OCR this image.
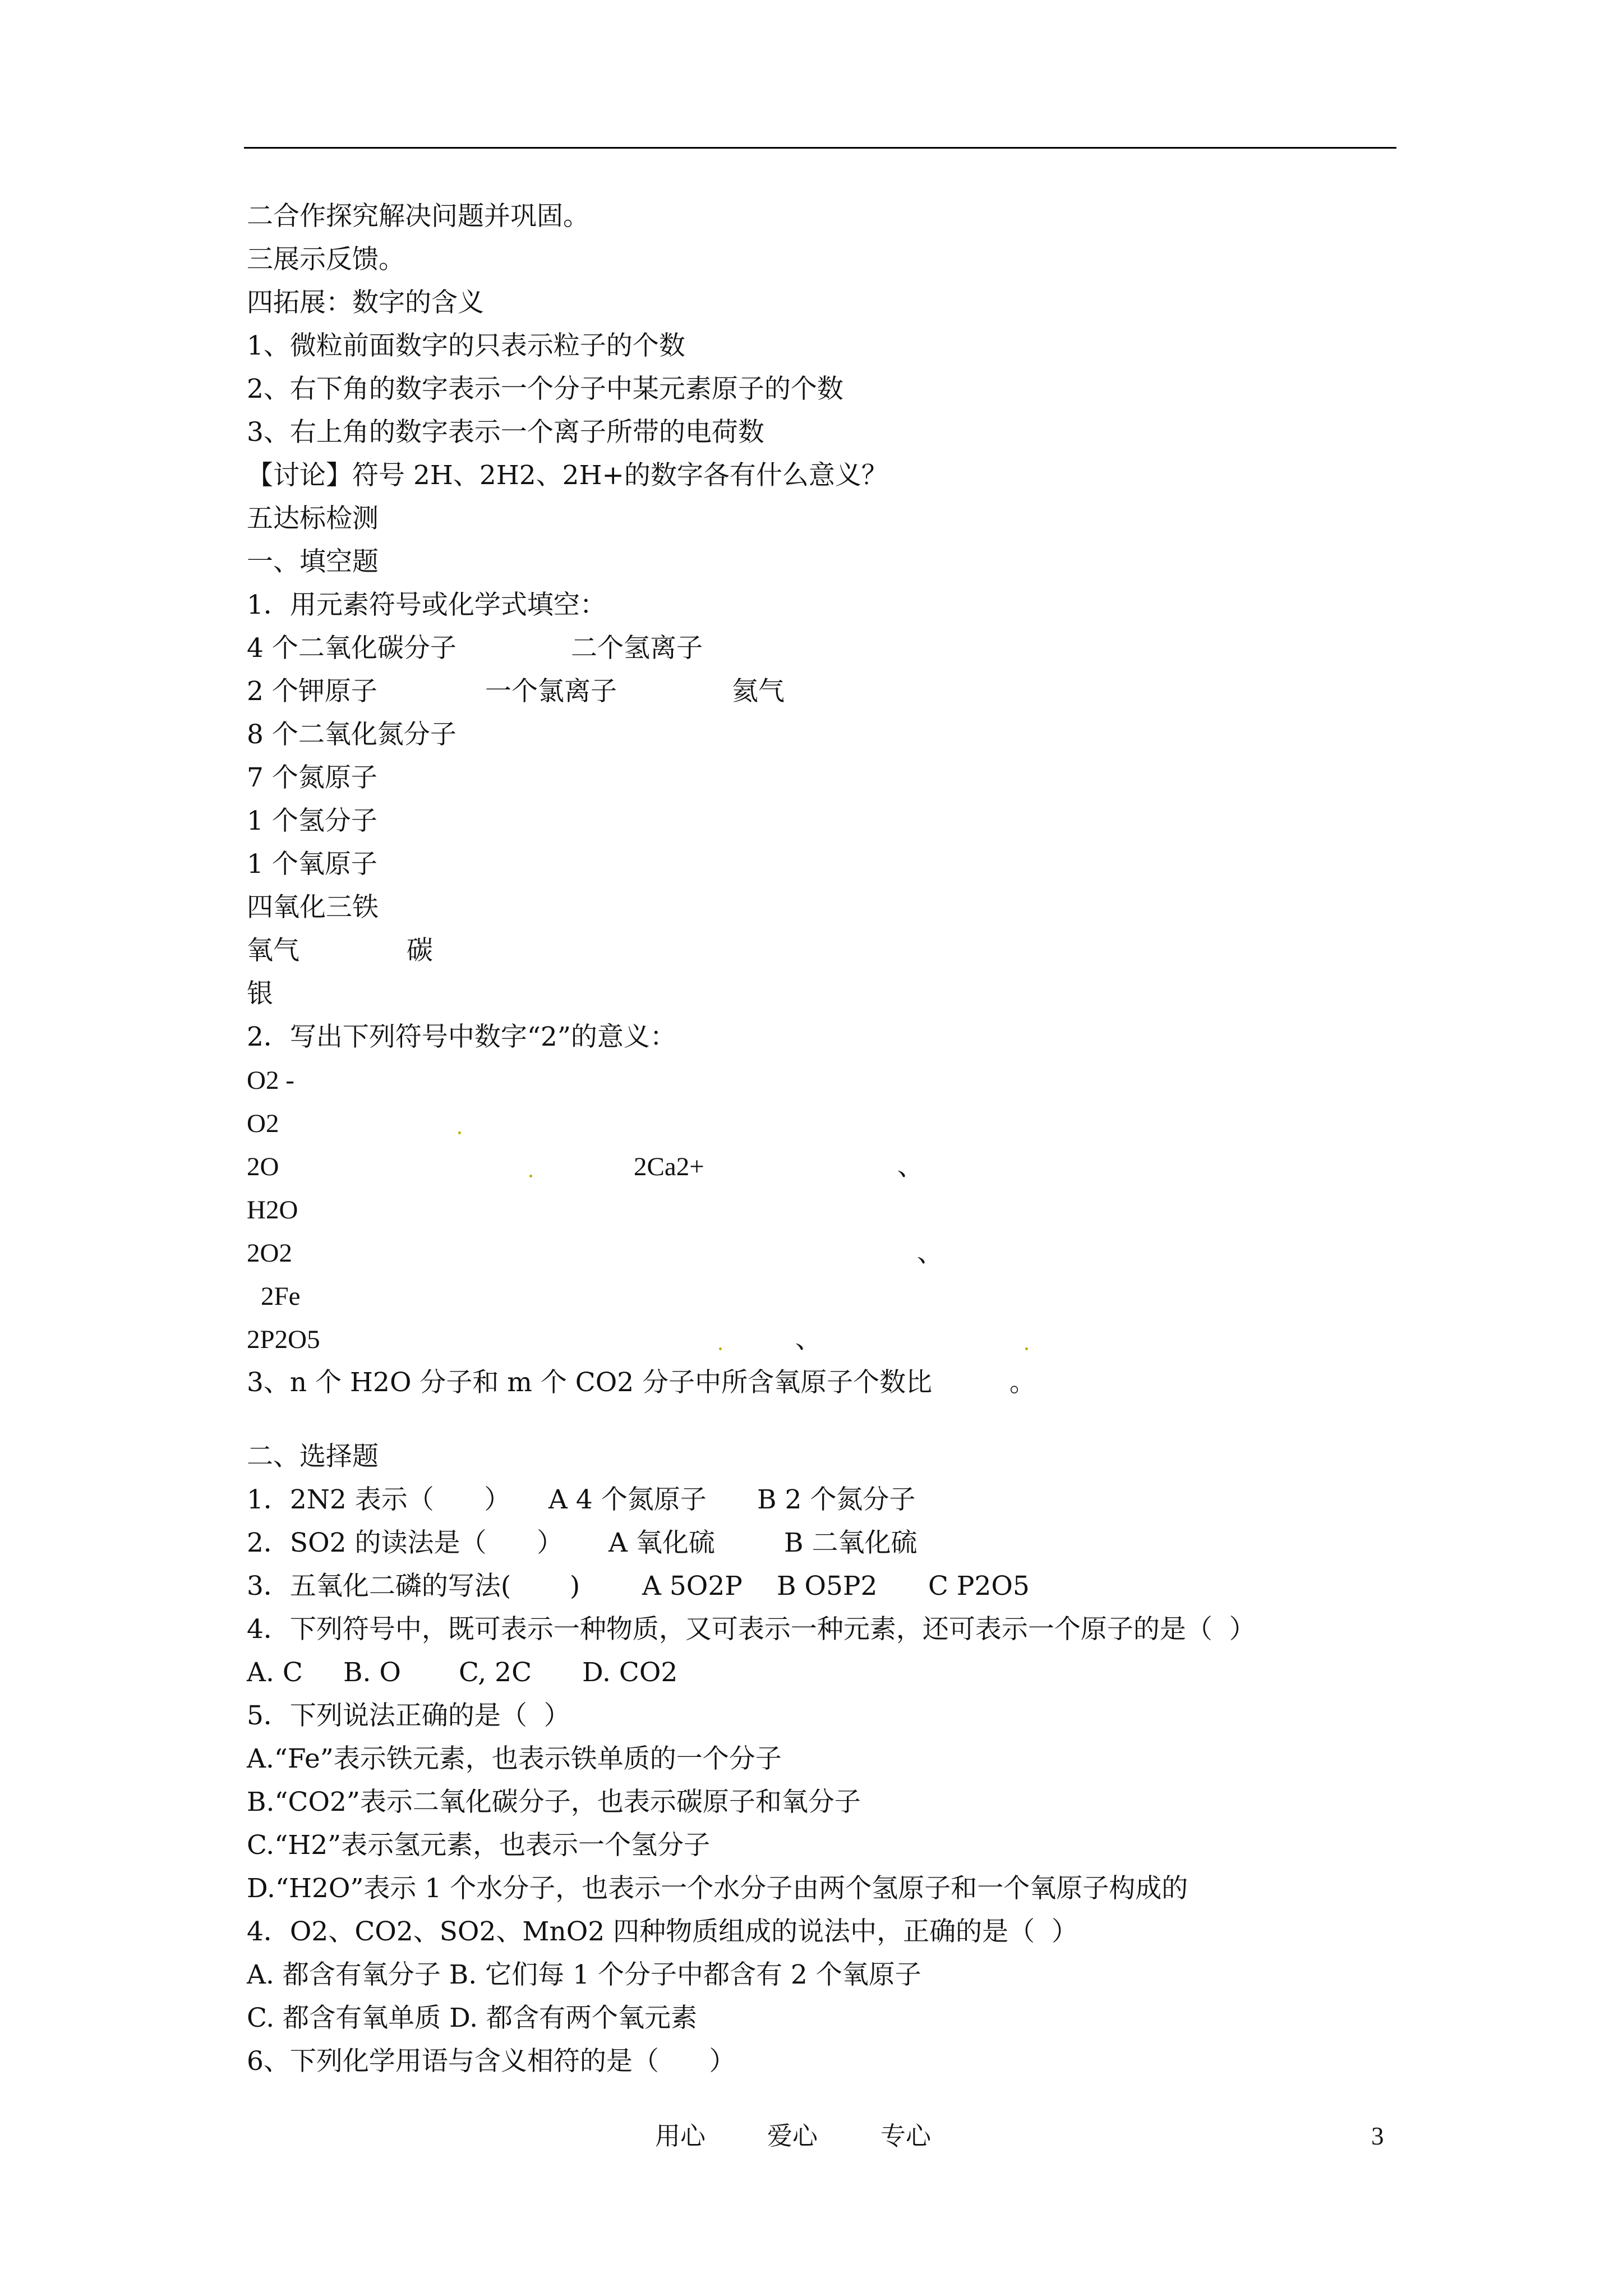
二合作探究解决问题并巩固。
三展示反馈。
四拓展：数字的含义
1、微粒前面数字的只表示粒子的个数
2、右下角的数字表示一个分子中某元素原子的个数
3、右上角的数字表示一个离子所带的电荷数
【讨论】符号 2H、2H2、2H+的数字各有什么意义？
五达标检测
一、填空题
1．用元素符号或化学式填空：
4 个二氧化碳分子	二个氢离子
2 个钾原子	一个氯离子	氦气
8 个二氧化氮分子
7 个氮原子
1 个氢分子
1 个氧原子
四氧化三铁
氧气	碳
银
2．写出下列符号中数字“2”的意义：
O2 -
O2
2O	2Ca2+	、
H2O
2O2	、
2Fe
2P2O5	、
3、n 个 H2O 分子和 m 个 CO2 分子中所含氧原子个数比	。
二、选择题
1．2N2 表示（      ） A 4 个氮原子 B 2 个氮分子
2．SO2 的读法是（      ） A 氧化硫	B 二氧化硫
3．五氧化二磷的写法(       ) A 5O2P B O5P2 C P2O5
4．下列符号中，既可表示一种物质，又可表示一种元素，还可表示一个原子的是（  ）
A. C B. O C, 2C D. CO2
5．下列说法正确的是（  ）
A.“Fe”表示铁元素，也表示铁单质的一个分子
B.“CO2”表示二氧化碳分子，也表示碳原子和氧分子
C.“H2”表示氢元素，也表示一个氢分子
D.“H2O”表示 1 个水分子，也表示一个水分子由两个氢原子和一个氧原子构成的
4．O2、CO2、SO2、MnO2 四种物质组成的说法中，正确的是（  ）
A. 都含有氧分子 B. 它们每 1 个分子中都含有 2 个氧原子
C. 都含有氧单质 D. 都含有两个氧元素
6、下列化学用语与含义相符的是（      ）
用心 爱心 专心	3
